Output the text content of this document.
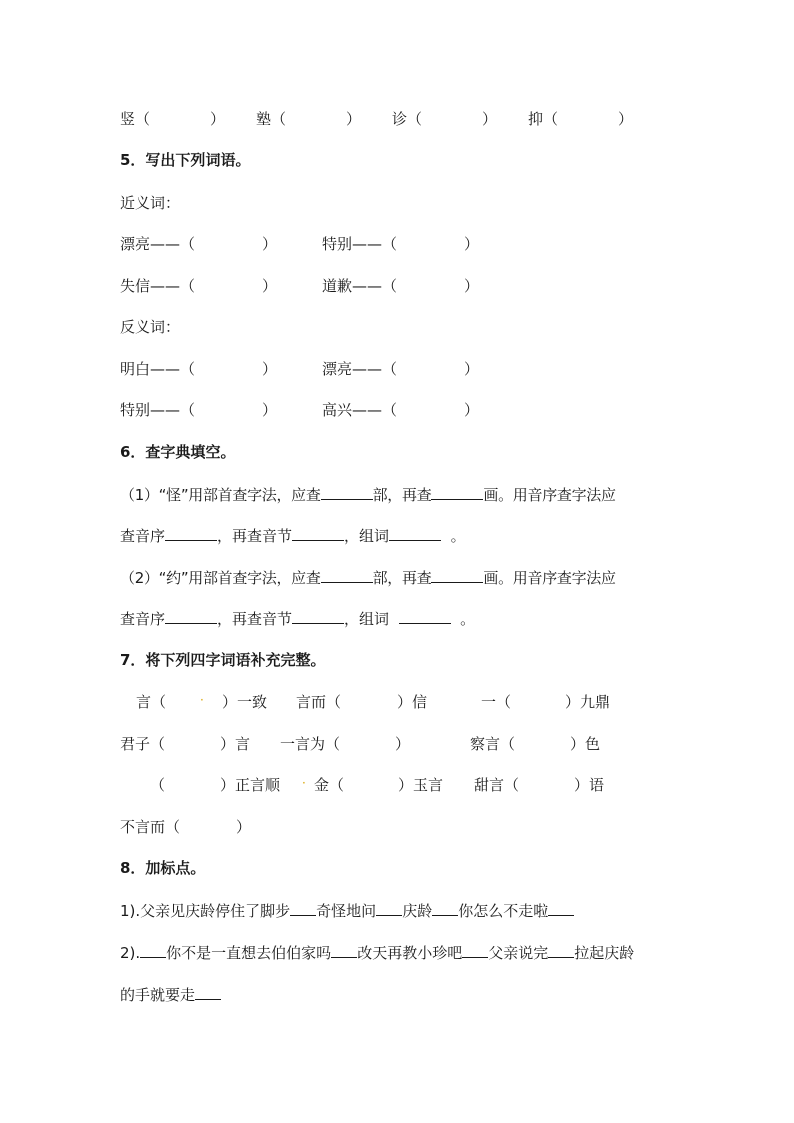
竖（	） 塾（	） 诊（	） 抑（	）
5．写出下列词语。
近义词：
漂亮——（	）	特别——（	）
失信——（	）	道歉——（	）
反义词：
明白——（	）	漂亮——（	）
特别——（	）	高兴——（	）
6．查字典填空。
（1）“怪”用部首查字法，应查	部，再查	画。用音序查字法应
查音序	，再查音节	，组词	。
（2）“约”用部首查字法，应查	部，再查	画。用音序查字法应
查音序	，再查音节	，组词	。
7．将下列四字词语补充完整。
言（	· ）一致 言而（	）信	一（	）九鼎
君子（	）言 一言为（	）	察言（	）色
（	）正言顺 · 金（	）玉言 甜言（	）语
不言而（	）
8．加标点。
1).父亲见庆龄停住了脚步 奇怪地问 庆龄 你怎么不走啦
2). 你不是一直想去伯伯家吗 改天再教小珍吧 父亲说完 拉起庆龄
的手就要走
